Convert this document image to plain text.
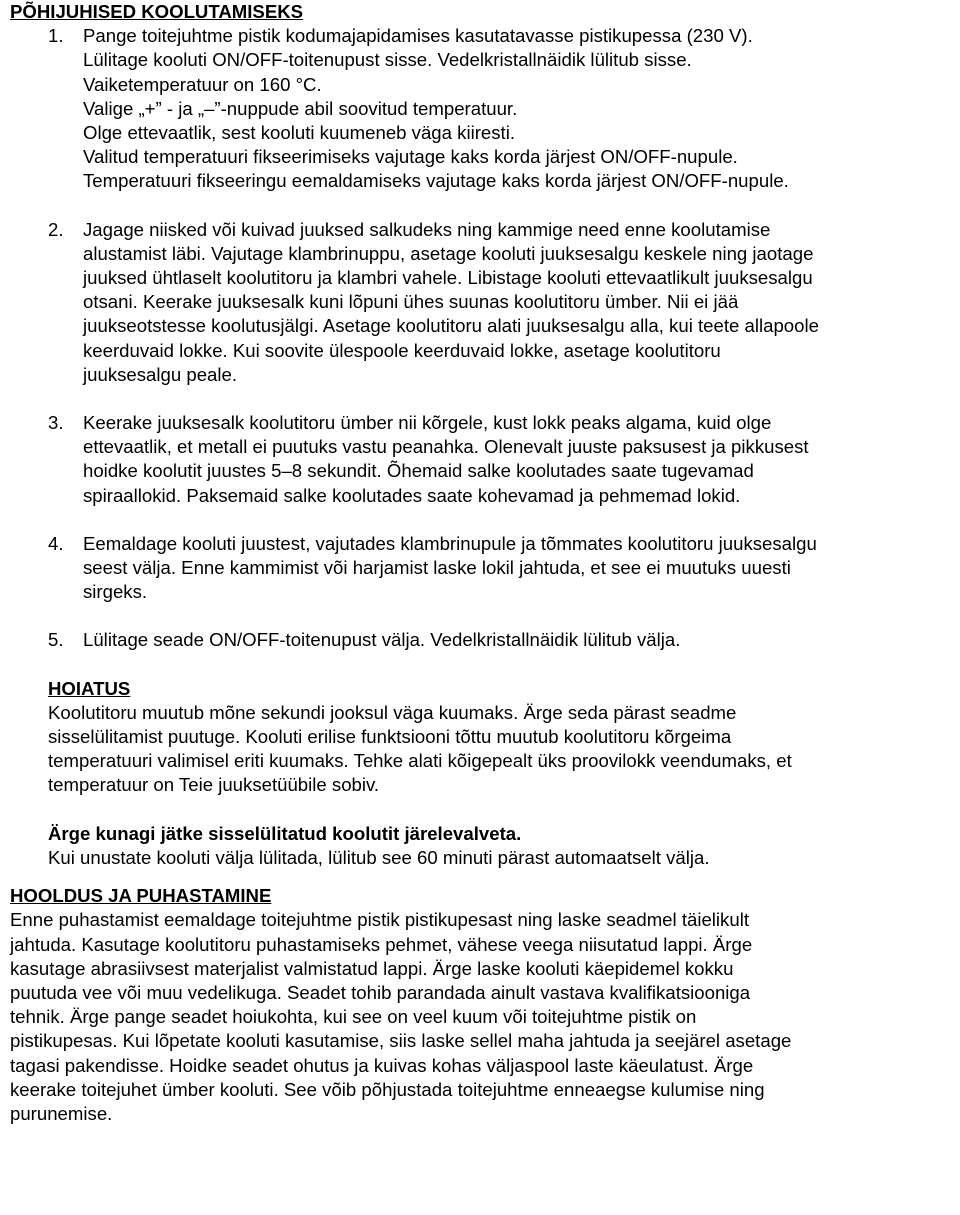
PÕHIJUHISED KOOLUTAMISEKS
1.	Pange toitejuhtme pistik kodumajapidamises kasutatavasse pistikupessa (230 V).
Lülitage kooluti ON/OFF-toitenupust sisse. Vedelkristallnäidik lülitub sisse.
Vaiketemperatuur on 160 °C.
Valige „+” - ja „–”-nuppude abil soovitud temperatuur.
Olge ettevaatlik, sest kooluti kuumeneb väga kiiresti.
Valitud temperatuuri fikseerimiseks vajutage kaks korda järjest ON/OFF-nupule.
Temperatuuri fikseeringu eemaldamiseks vajutage kaks korda järjest ON/OFF-nupule.
2.	Jagage niisked või kuivad juuksed salkudeks ning kammige need enne koolutamise
alustamist läbi. Vajutage klambrinuppu, asetage kooluti juuksesalgu keskele ning jaotage
juuksed ühtlaselt koolutitoru ja klambri vahele. Libistage kooluti ettevaatlikult juuksesalgu
otsani. Keerake juuksesalk kuni lõpuni ühes suunas koolutitoru ümber. Nii ei jää
juukseotstesse koolutusjälgi. Asetage koolutitoru alati juuksesalgu alla, kui teete allapoole
keerduvaid lokke. Kui soovite ülespoole keerduvaid lokke, asetage koolutitoru
juuksesalgu peale.
3.	Keerake juuksesalk koolutitoru ümber nii kõrgele, kust lokk peaks algama, kuid olge
ettevaatlik, et metall ei puutuks vastu peanahka. Olenevalt juuste paksusest ja pikkusest
hoidke koolutit juustes 5–8 sekundit. Õhemaid salke koolutades saate tugevamad
spiraallokid. Paksemaid salke koolutades saate kohevamad ja pehmemad lokid.
4.	Eemaldage kooluti juustest, vajutades klambrinupule ja tõmmates koolutitoru juuksesalgu
seest välja. Enne kammimist või harjamist laske lokil jahtuda, et see ei muutuks uuesti
sirgeks.
5.	Lülitage seade ON/OFF-toitenupust välja. Vedelkristallnäidik lülitub välja.
HOIATUS
Koolutitoru muutub mõne sekundi jooksul väga kuumaks. Ärge seda pärast seadme
sisselülitamist puutuge. Kooluti erilise funktsiooni tõttu muutub koolutitoru kõrgeima
temperatuuri valimisel eriti kuumaks. Tehke alati kõigepealt üks proovilokk veendumaks, et
temperatuur on Teie juuksetüübile sobiv.
Ärge kunagi jätke sisselülitatud koolutit järelevalveta.
Kui unustate kooluti välja lülitada, lülitub see 60 minuti pärast automaatselt välja.
HOOLDUS JA PUHASTAMINE
Enne puhastamist eemaldage toitejuhtme pistik pistikupesast ning laske seadmel täielikult
jahtuda. Kasutage koolutitoru puhastamiseks pehmet, vähese veega niisutatud lappi. Ärge
kasutage abrasiivsest materjalist valmistatud lappi. Ärge laske kooluti käepidemel kokku
puutuda vee või muu vedelikuga. Seadet tohib parandada ainult vastava kvalifikatsiooniga
tehnik. Ärge pange seadet hoiukohta, kui see on veel kuum või toitejuhtme pistik on
pistikupesas. Kui lõpetate kooluti kasutamise, siis laske sellel maha jahtuda ja seejärel asetage
tagasi pakendisse. Hoidke seadet ohutus ja kuivas kohas väljaspool laste käeulatust. Ärge
keerake toitejuhet ümber kooluti. See võib põhjustada toitejuhtme enneaegse kulumise ning
purunemise.
